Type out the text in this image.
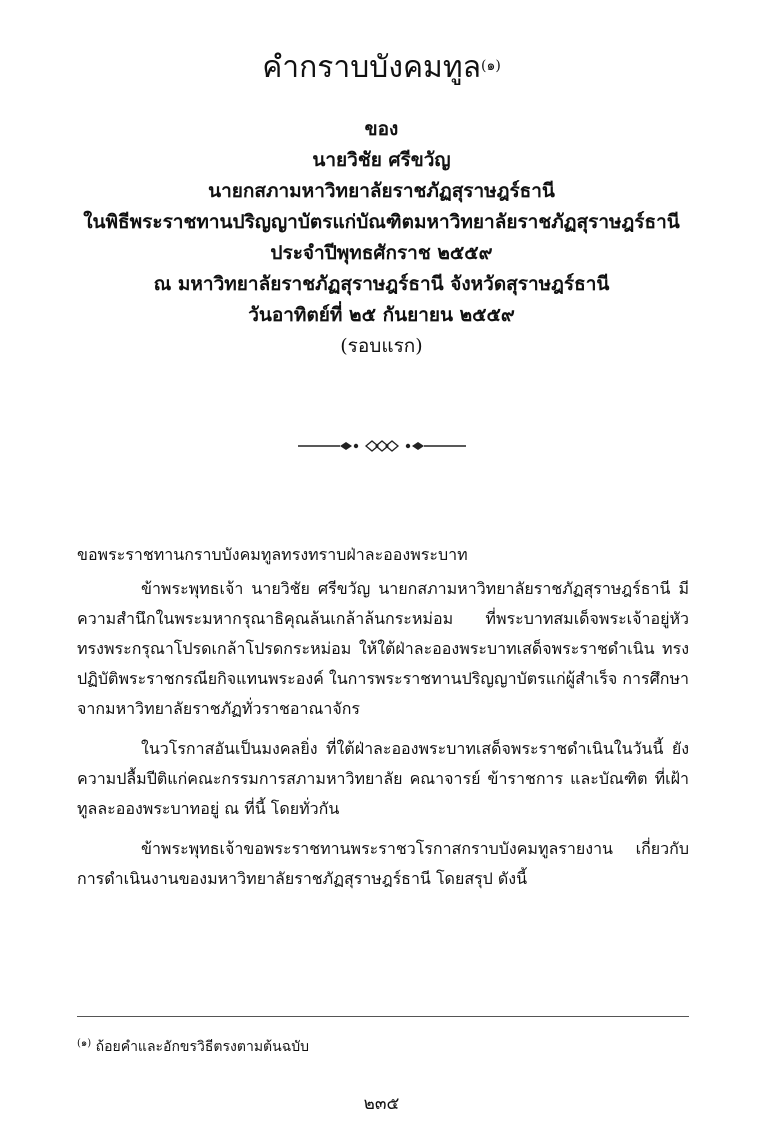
คำกราบบังคมทูล$^{(๑)}$
ของ
นายวิชัย ศรีขวัญ
นายกสภามหาวิทยาลัยราชภัฏสุราษฎร์ธานี
ในพิธีพระราชทานปริญญาบัตรแก่บัณฑิตมหาวิทยาลัยราชภัฏสุราษฎร์ธานี
ประจำปีพุทธศักราช ๒๕๕๙
ณ มหาวิทยาลัยราชภัฏสุราษฎร์ธานี จังหวัดสุราษฎร์ธานี
วันอาทิตย์ที่ ๒๕ กันยายน ๒๕๕๙
(รอบแรก)
ขอพระราชทานกราบบังคมทูลทรงทราบฝ่าละอองพระบาท

ข้าพระพุทธเจ้า นายวิชัย ศรีขวัญ นายกสภามหาวิทยาลัยราชภัฏสุราษฎร์ธานี มีความสำนึกในพระมหากรุณาธิคุณล้นเกล้าล้นกระหม่อม ที่พระบาทสมเด็จพระเจ้าอยู่หัว ทรงพระกรุณาโปรดเกล้าโปรดกระหม่อม ให้ใต้ฝ่าละอองพระบาทเสด็จพระราชดำเนิน ทรงปฏิบัติพระราชกรณียกิจแทนพระองค์ ในการพระราชทานปริญญาบัตรแก่ผู้สำเร็จ การศึกษาจากมหาวิทยาลัยราชภัฏทั่วราชอาณาจักร

ในวโรกาสอันเป็นมงคลยิ่ง ที่ใต้ฝ่าละอองพระบาทเสด็จพระราชดำเนินในวันนี้ ยังความปลื้มปีติแก่คณะกรรมการสภามหาวิทยาลัย คณาจารย์ ข้าราชการ และบัณฑิต ที่เฝ้าทูลละอองพระบาทอยู่ ณ ที่นี้ โดยทั่วกัน

ข้าพระพุทธเจ้าขอพระราชทานพระราชวโรกาสกราบบังคมทูลรายงาน เกี่ยวกับ การดำเนินงานของมหาวิทยาลัยราชภัฏสุราษฎร์ธานี โดยสรุป ดังนี้

$^{(๑)}$ ถ้อยคำและอักขรวิธีตรงตามต้นฉบับ
๒๓๕
